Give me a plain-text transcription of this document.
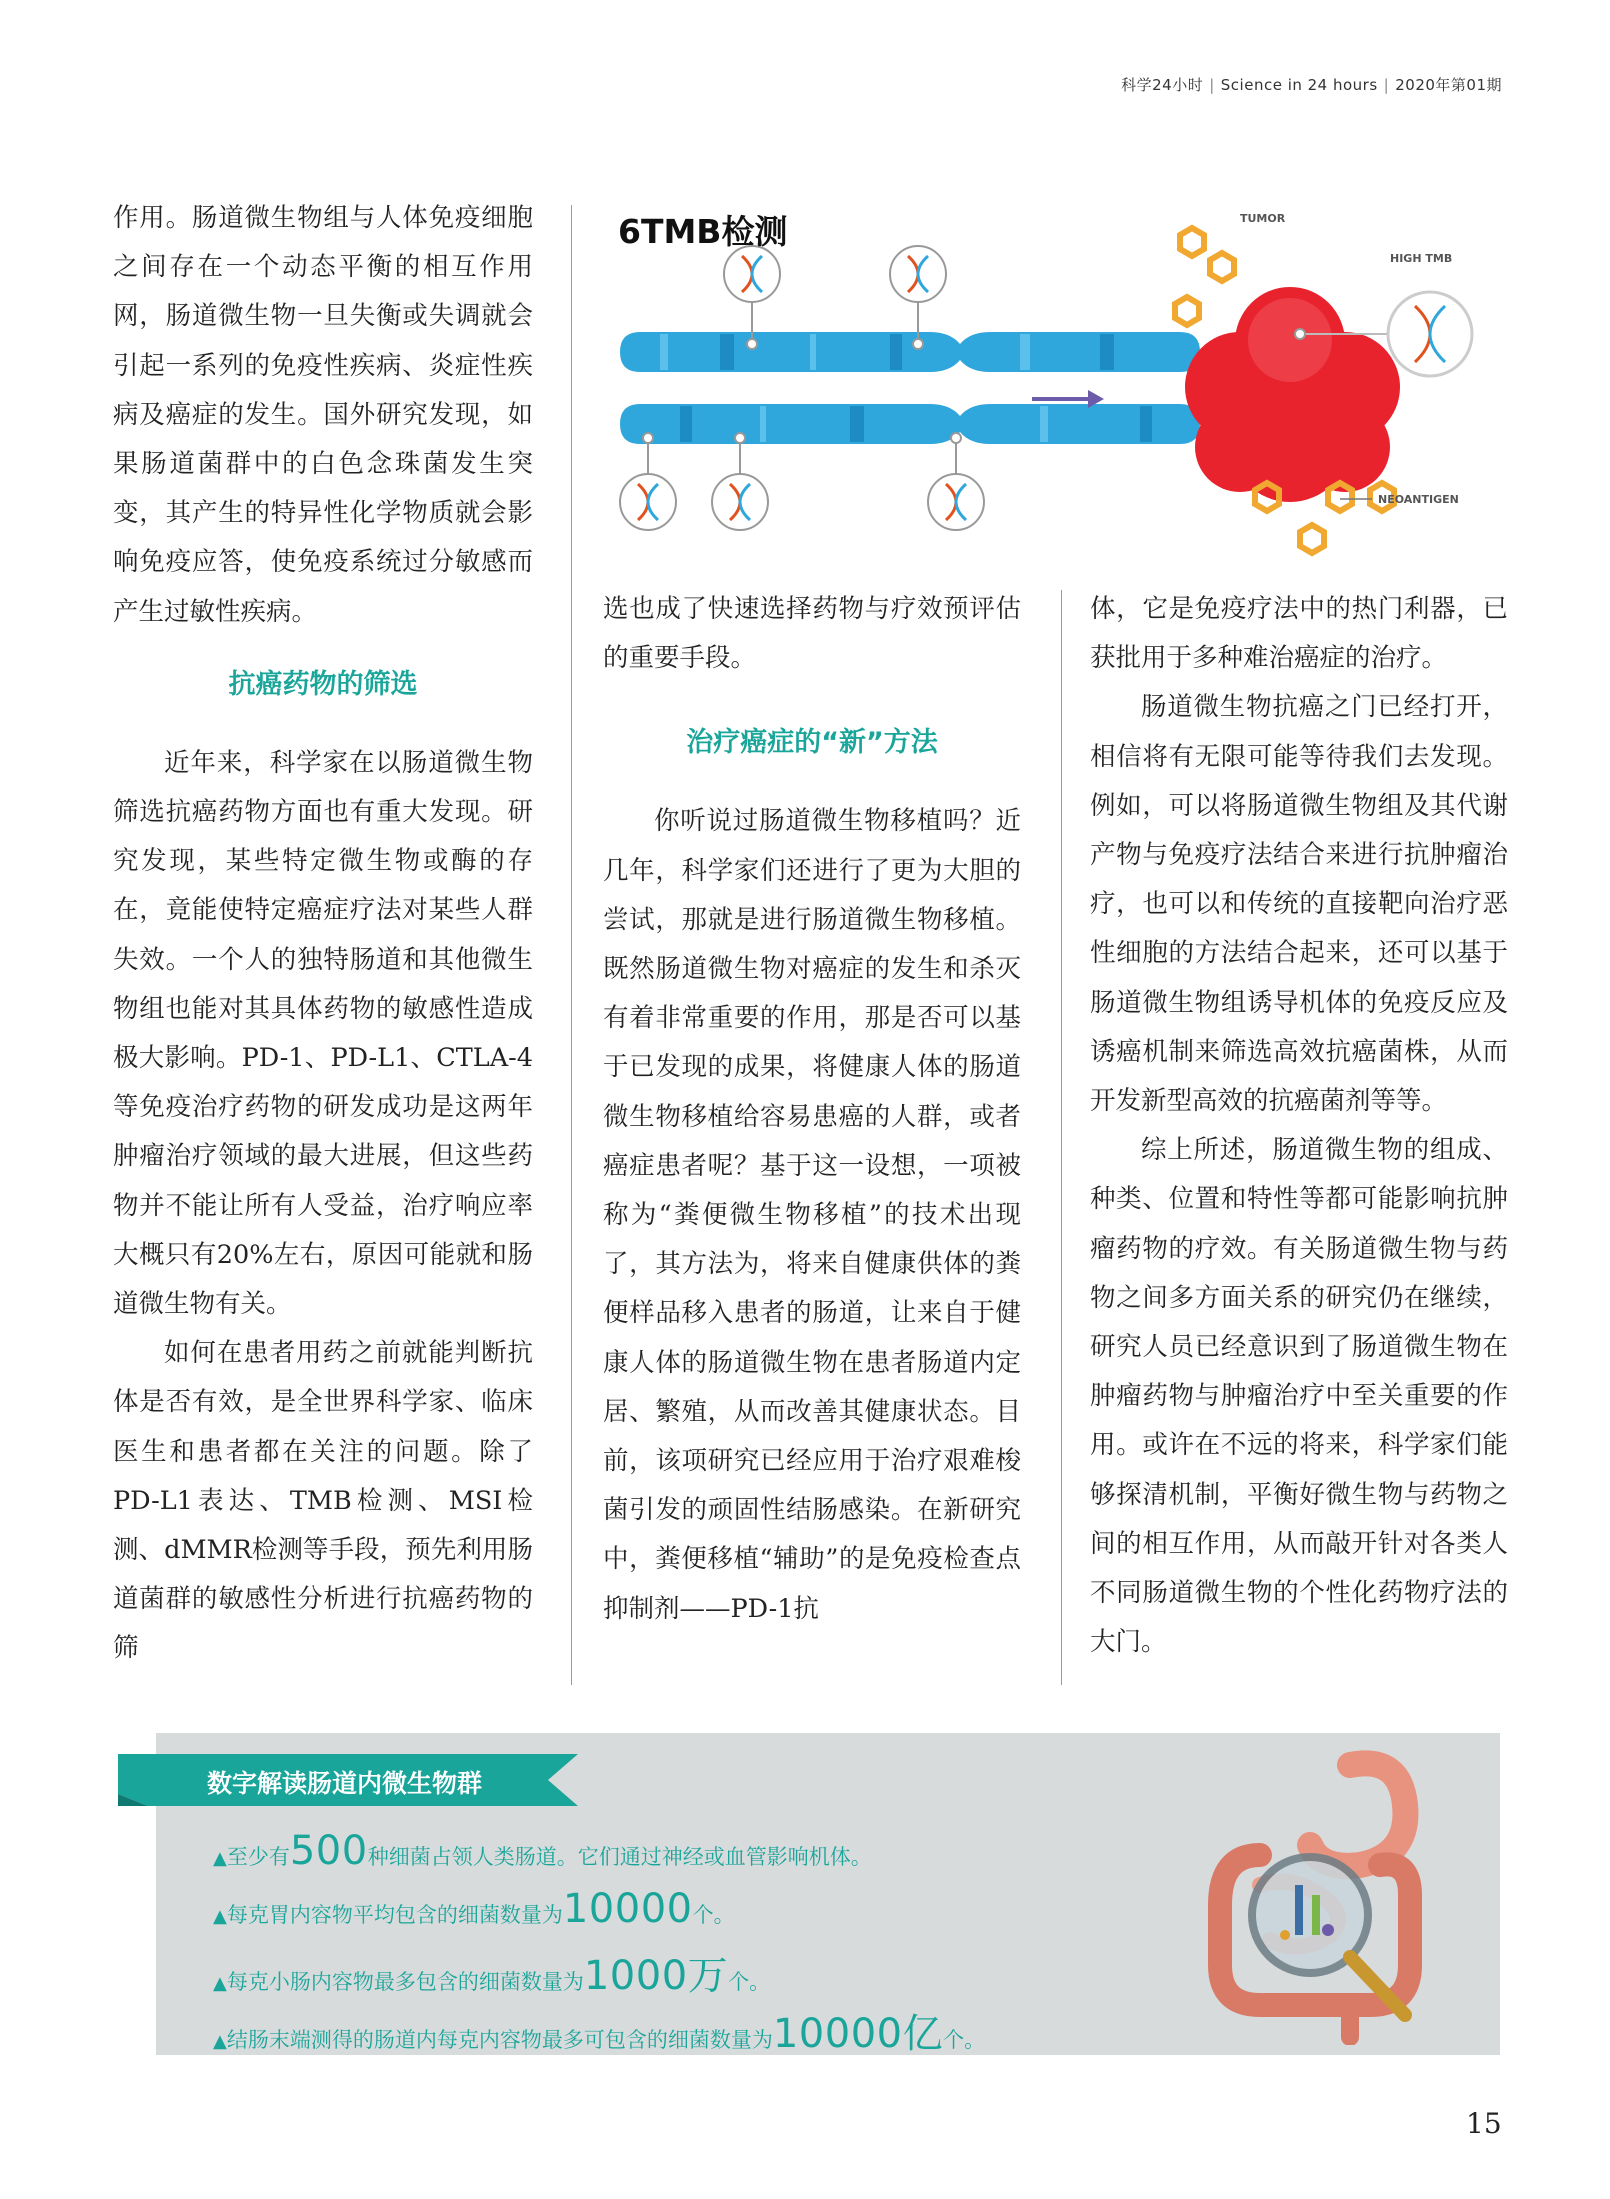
科学24小时 | Science in 24 hours | 2020年第01期

作用。肠道微生物组与人体免疫细胞之间存在一个动态平衡的相互作用网，肠道微生物一旦失衡或失调就会引起一系列的免疫性疾病、炎症性疾病及癌症的发生。国外研究发现，如果肠道菌群中的白色念珠菌发生突变，其产生的特异性化学物质就会影响免疫应答，使免疫系统过分敏感而产生过敏性疾病。

抗癌药物的筛选

近年来，科学家在以肠道微生物筛选抗癌药物方面也有重大发现。研究发现，某些特定微生物或酶的存在，竟能使特定癌症疗法对某些人群失效。一个人的独特肠道和其他微生物组也能对其具体药物的敏感性造成极大影响。PD-1、PD-L1、CTLA-4等免疫治疗药物的研发成功是这两年肿瘤治疗领域的最大进展，但这些药物并不能让所有人受益，治疗响应率大概只有20%左右，原因可能就和肠道微生物有关。

如何在患者用药之前就能判断抗体是否有效，是全世界科学家、临床医生和患者都在关注的问题。除了PD-L1表达、TMB检测、MSI检测、dMMR检测等手段，预先利用肠道菌群的敏感性分析进行抗癌药物的筛

6TMB检测	TUMOR
HIGH TMB
NEOANTIGEN

选也成了快速选择药物与疗效预评估的重要手段。

治疗癌症的“新”方法

你听说过肠道微生物移植吗？近几年，科学家们还进行了更为大胆的尝试，那就是进行肠道微生物移植。既然肠道微生物对癌症的发生和杀灭有着非常重要的作用，那是否可以基于已发现的成果，将健康人体的肠道微生物移植给容易患癌的人群，或者癌症患者呢？基于这一设想，一项被称为“粪便微生物移植”的技术出现了，其方法为，将来自健康供体的粪便样品移入患者的肠道，让来自于健康人体的肠道微生物在患者肠道内定居、繁殖，从而改善其健康状态。目前，该项研究已经应用于治疗艰难梭菌引发的顽固性结肠感染。在新研究中，粪便移植“辅助”的是免疫检查点抑制剂——PD-1抗

体，它是免疫疗法中的热门利器，已获批用于多种难治癌症的治疗。

肠道微生物抗癌之门已经打开，相信将有无限可能等待我们去发现。例如，可以将肠道微生物组及其代谢产物与免疫疗法结合来进行抗肿瘤治疗，也可以和传统的直接靶向治疗恶性细胞的方法结合起来，还可以基于肠道微生物组诱导机体的免疫反应及诱癌机制来筛选高效抗癌菌株，从而开发新型高效的抗癌菌剂等等。

综上所述，肠道微生物的组成、种类、位置和特性等都可能影响抗肿瘤药物的疗效。有关肠道微生物与药物之间多方面关系的研究仍在继续，研究人员已经意识到了肠道微生物在肿瘤药物与肿瘤治疗中至关重要的作用。或许在不远的将来，科学家们能够探清机制，平衡好微生物与药物之间的相互作用，从而敲开针对各类人不同肠道微生物的个性化药物疗法的大门。

数字解读肠道内微生物群
▲至少有500种细菌占领人类肠道。它们通过神经或血管影响机体。
▲每克胃内容物平均包含的细菌数量为10000个。
▲每克小肠内容物最多包含的细菌数量为1000万个。
▲结肠末端测得的肠道内每克内容物最多可包含的细菌数量为10000亿个。
15
